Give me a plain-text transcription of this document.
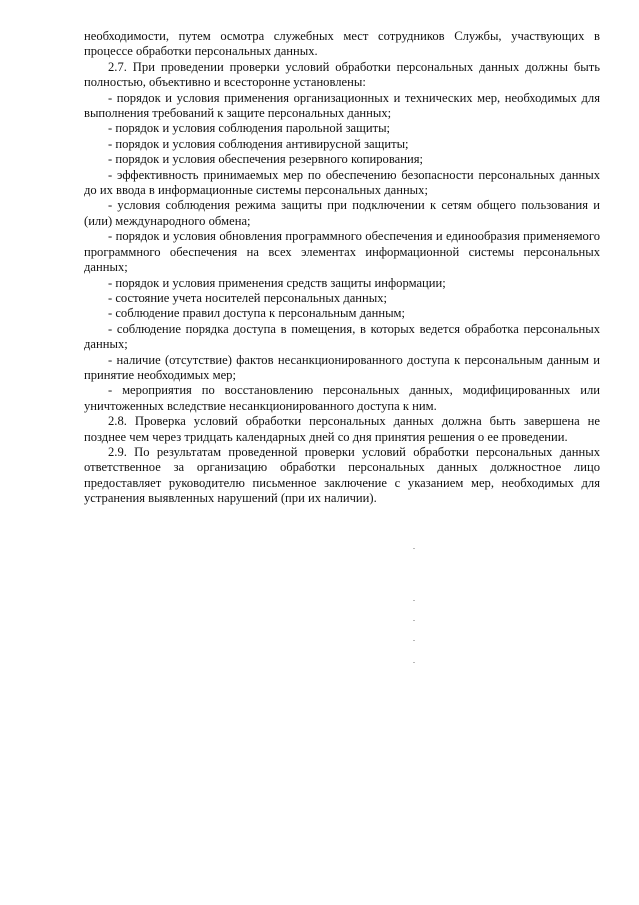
необходимости, путем осмотра служебных мест сотрудников Службы, участвующих в процессе обработки персональных данных.

2.7. При проведении проверки условий обработки персональных данных должны быть полностью, объективно и всесторонне установлены:

- порядок и условия применения организационных и технических мер, необходимых для выполнения требований к защите персональных данных;

- порядок и условия соблюдения парольной защиты;

- порядок и условия соблюдения антивирусной защиты;

- порядок и условия обеспечения резервного копирования;

- эффективность принимаемых мер по обеспечению безопасности персональных данных до их ввода в информационные системы персональных данных;

- условия соблюдения режима защиты при подключении к сетям общего пользования и (или) международного обмена;

- порядок и условия обновления программного обеспечения и единообразия применяемого программного обеспечения на всех элементах информационной системы персональных данных;

- порядок и условия применения средств защиты информации;

- состояние учета носителей персональных данных;

- соблюдение правил доступа к персональным данным;

- соблюдение порядка доступа в помещения, в которых ведется обработка персональных данных;

- наличие (отсутствие) фактов несанкционированного доступа к персональным данным и принятие необходимых мер;

- мероприятия по восстановлению персональных данных, модифицированных или уничтоженных вследствие несанкционированного доступа к ним.

2.8. Проверка условий обработки персональных данных должна быть завершена не позднее чем через тридцать календарных дней со дня принятия решения о ее проведении.

2.9. По результатам проведенной проверки условий обработки персональных данных ответственное за организацию обработки персональных данных должностное лицо предоставляет руководителю письменное заключение с указанием мер, необходимых для устранения выявленных нарушений (при их наличии).
